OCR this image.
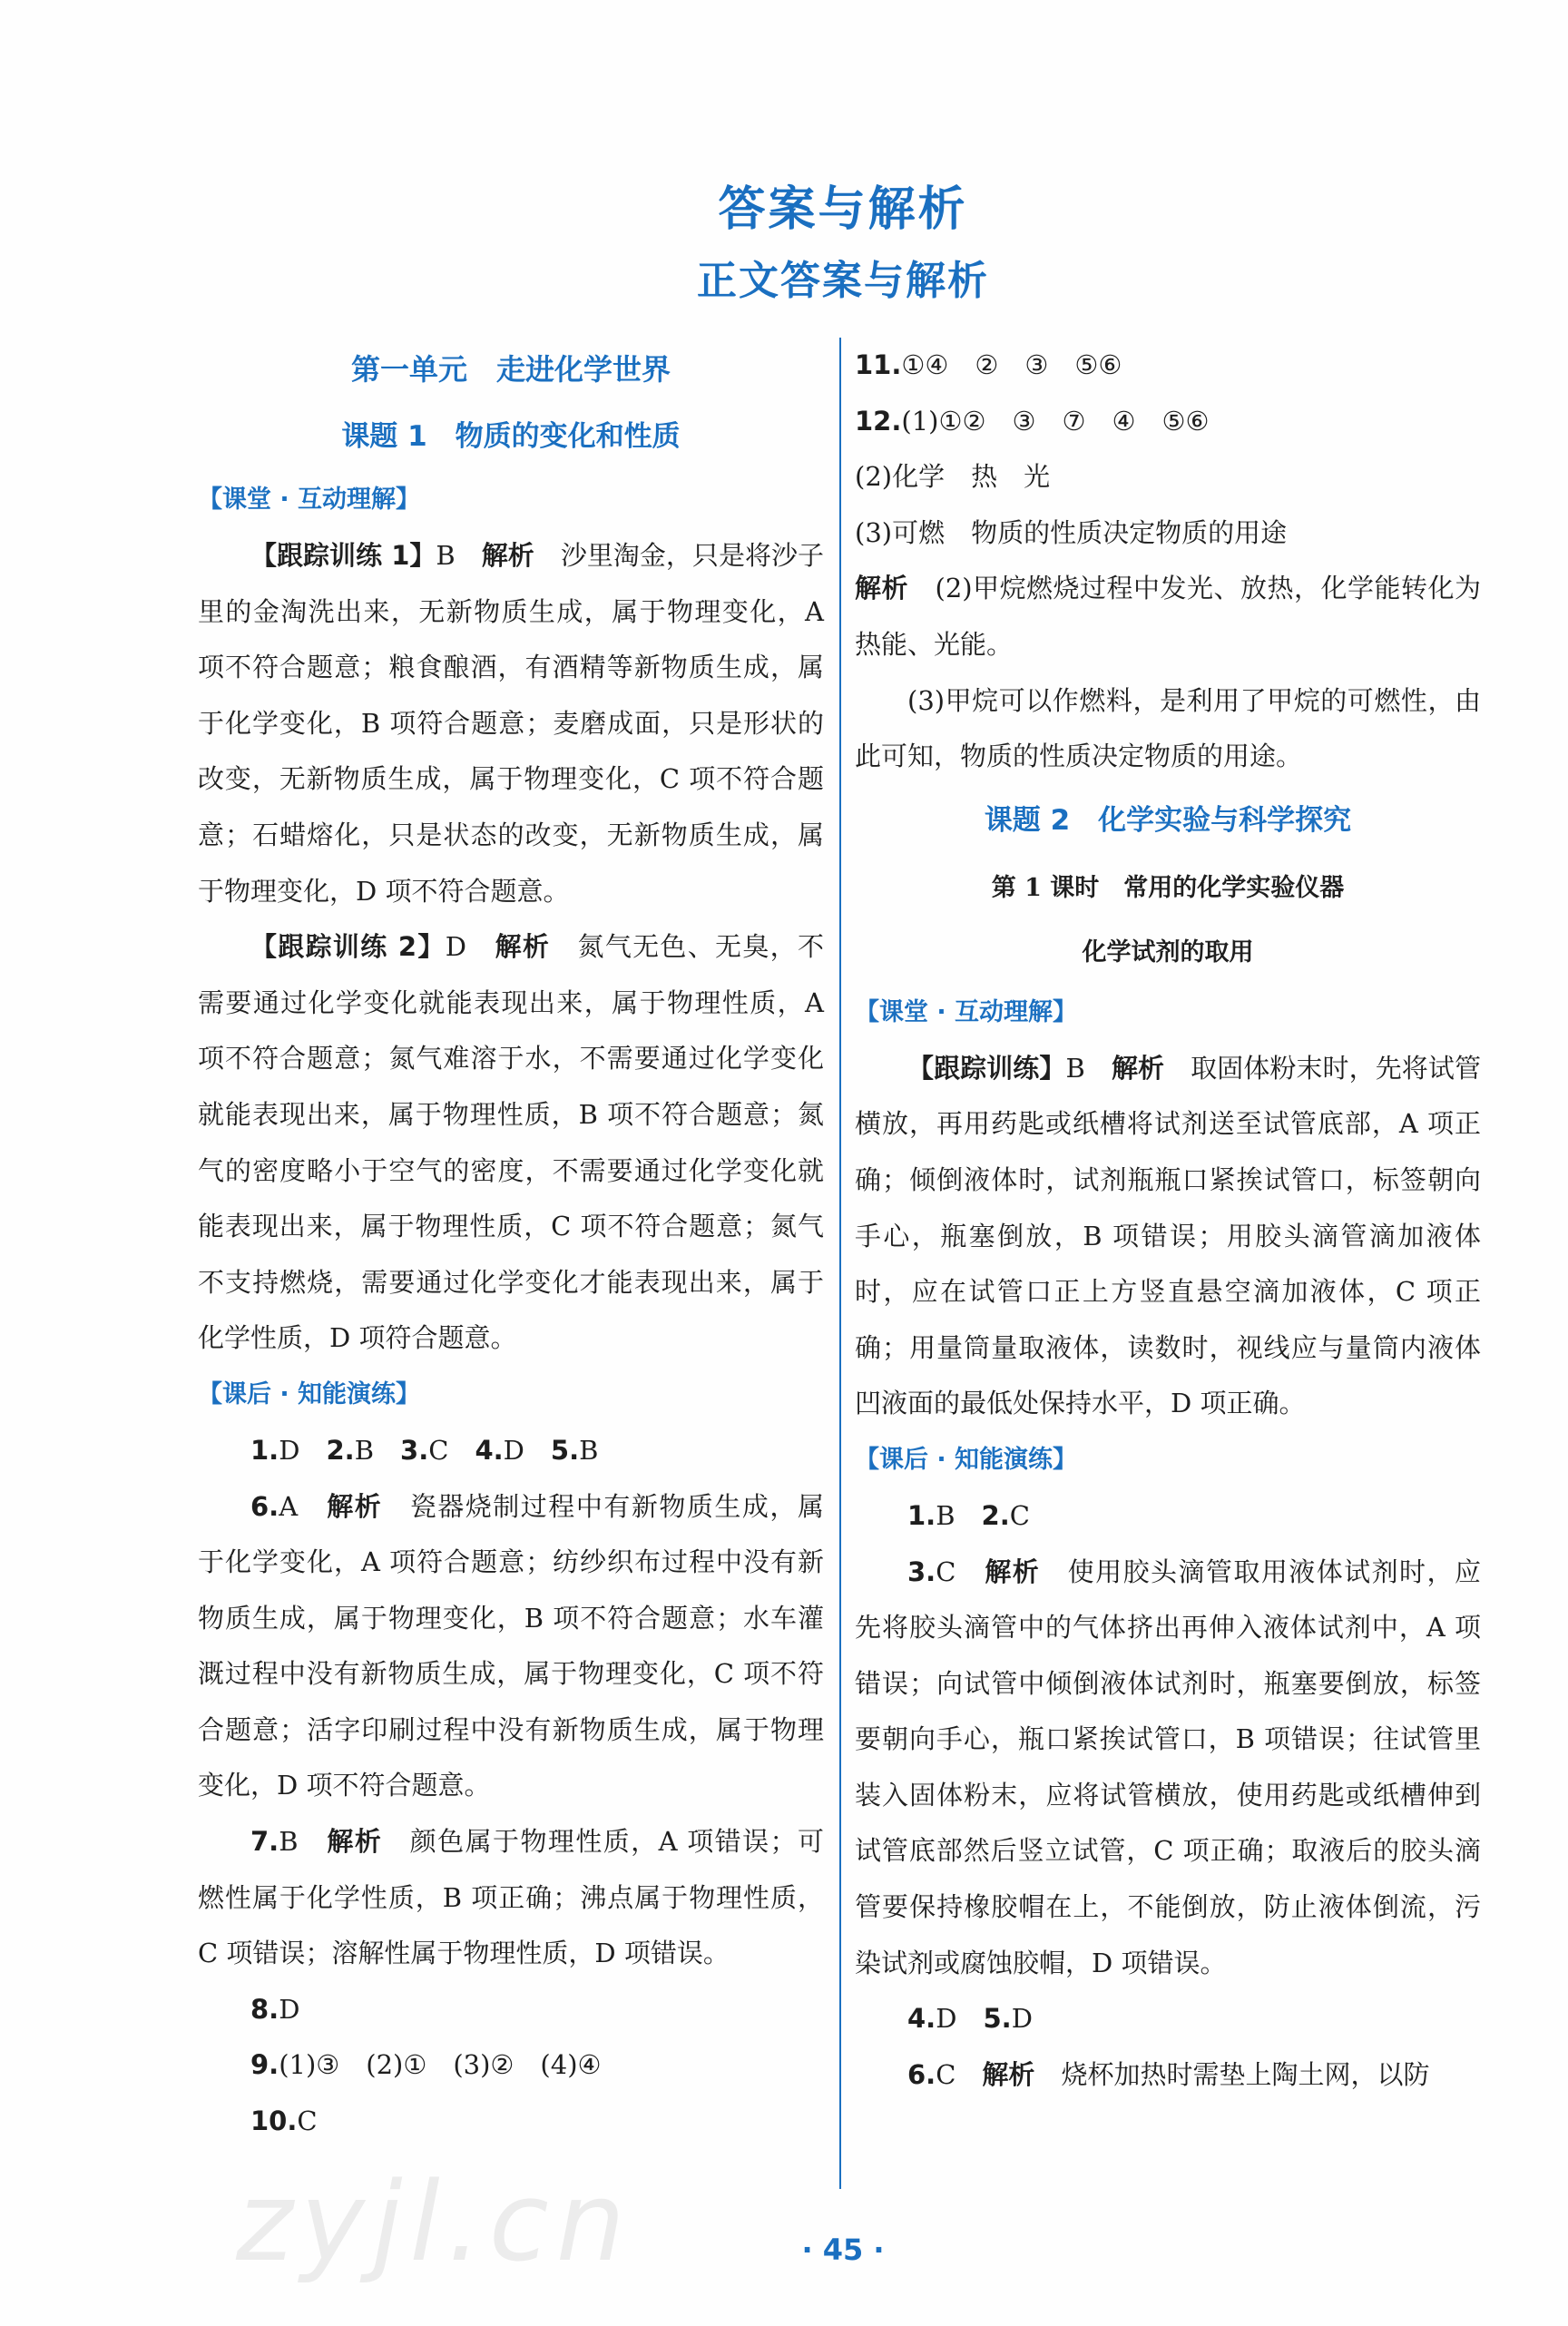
答案与解析
正文答案与解析
第一单元　走进化学世界
课题 1　物质的变化和性质
【课堂 · 互动理解】

【跟踪训练 1】B　 解析　 沙里淘金，只是将沙子里的金淘洗出来，无新物质生成，属于物理变化，A 项不符合题意；粮食酿酒，有酒精等新物质生成，属于化学变化，B 项符合题意；麦磨成面，只是形状的改变，无新物质生成，属于物理变化，C 项不符合题意；石蜡熔化，只是状态的改变，无新物质生成，属于物理变化，D 项不符合题意。

【跟踪训练 2】D　 解析　 氮气无色、无臭，不需要通过化学变化就能表现出来，属于物理性质，A 项不符合题意；氮气难溶于水，不需要通过化学变化就能表现出来，属于物理性质，B 项不符合题意；氮气的密度略小于空气的密度，不需要通过化学变化就能表现出来，属于物理性质，C 项不符合题意；氮气不支持燃烧，需要通过化学变化才能表现出来，属于化学性质，D 项符合题意。

【课后 · 知能演练】

1.D　 2.B　 3.C　 4.D　 5.B

6.A　 解析　 瓷器烧制过程中有新物质生成，属于化学变化，A 项符合题意；纺纱织布过程中没有新物质生成，属于物理变化，B 项不符合题意；水车灌溉过程中没有新物质生成，属于物理变化，C 项不符合题意；活字印刷过程中没有新物质生成，属于物理变化，D 项不符合题意。

7.B　 解析　 颜色属于物理性质，A 项错误；可燃性属于化学性质，B 项正确；沸点属于物理性质，C 项错误；溶解性属于物理性质，D 项错误。

8.D

9.(1)③　(2)①　(3)②　(4)④

10.C

11.①④　②　③　⑤⑥

12.(1)①②　③　⑦　④　⑤⑥

(2)化学　热　光

(3)可燃　物质的性质决定物质的用途

解析　 (2)甲烷燃烧过程中发光、放热，化学能转化为热能、光能。

(3)甲烷可以作燃料，是利用了甲烷的可燃性，由此可知，物质的性质决定物质的用途。

课题 2　化学实验与科学探究
第 1 课时　常用的化学实验仪器
化学试剂的取用
【课堂 · 互动理解】

【跟踪训练】B　 解析　 取固体粉末时，先将试管横放，再用药匙或纸槽将试剂送至试管底部，A 项正确；倾倒液体时，试剂瓶瓶口紧挨试管口，标签朝向手心，瓶塞倒放，B 项错误；用胶头滴管滴加液体时，应在试管口正上方竖直悬空滴加液体，C 项正确；用量筒量取液体，读数时，视线应与量筒内液体凹液面的最低处保持水平，D 项正确。

【课后 · 知能演练】

1.B　 2.C

3.C　 解析　 使用胶头滴管取用液体试剂时，应先将胶头滴管中的气体挤出再伸入液体试剂中，A 项错误；向试管中倾倒液体试剂时，瓶塞要倒放，标签要朝向手心，瓶口紧挨试管口，B 项错误；往试管里装入固体粉末，应将试管横放，使用药匙或纸槽伸到试管底部然后竖立试管，C 项正确；取液后的胶头滴管要保持橡胶帽在上，不能倒放，防止液体倒流，污染试剂或腐蚀胶帽，D 项错误。

4.D　 5.D

6.C　 解析　 烧杯加热时需垫上陶土网，以防

zyjl.cn	· 45 ·
